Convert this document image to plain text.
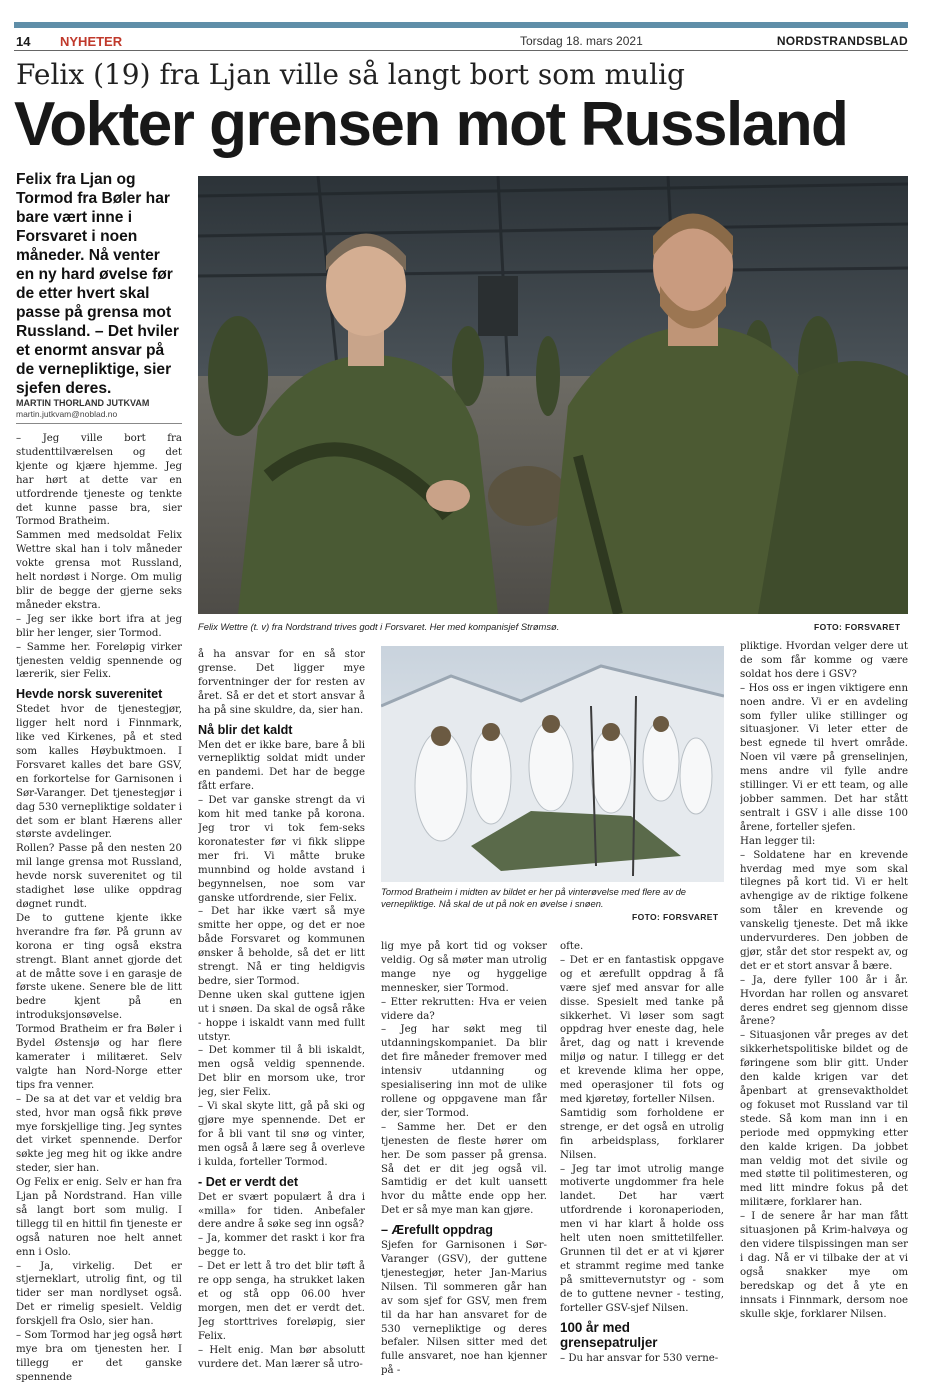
14 NYHETER	Torsdag 18. mars 2021	NORDSTRANDSBLAD
Felix (19) fra Ljan ville så langt bort som mulig
Vokter grensen mot Russland
Felix fra Ljan og Tormod fra Bøler har bare vært inne i Forsvaret i noen måneder. Nå venter en ny hard øvelse før de etter hvert skal passe på grensa mot Russland. – Det hviler et enormt ansvar på de vernepliktige, sier sjefen deres.
MARTIN THORLAND JUTKVAM
martin.jutkvam@noblad.no
Felix Wettre (t. v) fra Nordstrand trives godt i Forsvaret. Her med kompanisjef Strømsø.	FOTO: FORSVARET
Tormod Bratheim i midten av bildet er her på vinterøvelse med flere av de vernepliktige. Nå skal de ut på nok en øvelse i snøen.
FOTO: FORSVARET

– Jeg ville bort fra studenttilværelsen og det kjente og kjære hjemme. Jeg har hørt at dette var en utfordrende tjeneste og tenkte det kunne passe bra, sier Tormod Bratheim.

Sammen med medsoldat Felix Wettre skal han i tolv måneder vokte grensa mot Russland, helt nordøst i Norge. Om mulig blir de begge der gjerne seks måneder ekstra.

– Jeg ser ikke bort ifra at jeg blir her lenger, sier Tormod.

– Samme her. Foreløpig virker tjenesten veldig spennende og lærerik, sier Felix.

Hevde norsk suverenitet

Stedet hvor de tjenestegjør, ligger helt nord i Finnmark, like ved Kirkenes, på et sted som kalles Høybuktmoen. I Forsvaret kalles det bare GSV, en forkortelse for Garnisonen i Sør-Varanger. Det tjenestegjør i dag 530 vernepliktige soldater i det som er blant Hærens aller største avdelinger.

Rollen? Passe på den nesten 20 mil lange grensa mot Russland, hevde norsk suverenitet og til stadighet løse ulike oppdrag døgnet rundt.

De to guttene kjente ikke hverandre fra før. På grunn av korona er ting også ekstra strengt. Blant annet gjorde det at de måtte sove i en garasje de første ukene. Senere ble de litt bedre kjent på en introduksjonsøvelse.

Tormod Bratheim er fra Bøler i Bydel Østensjø og har flere kamerater i militæret. Selv valgte han Nord-Norge etter tips fra venner.

– De sa at det var et veldig bra sted, hvor man også fikk prøve mye forskjellige ting. Jeg syntes det virket spennende. Derfor søkte jeg meg hit og ikke andre steder, sier han.

Og Felix er enig. Selv er han fra Ljan på Nordstrand. Han ville så langt bort som mulig. I tillegg til en hittil fin tjeneste er også naturen noe helt annet enn i Oslo.

– Ja, virkelig. Det er stjerneklart, utrolig fint, og til tider ser man nordlyset også. Det er rimelig spesielt. Veldig forskjell fra Oslo, sier han.

– Som Tormod har jeg også hørt mye bra om tjenesten her. I tillegg er det ganske spennende

å ha ansvar for en så stor grense. Det ligger mye forventninger der for resten av året. Så er det et stort ansvar å ha på sine skuldre, da, sier han.

Nå blir det kaldt

Men det er ikke bare, bare å bli vernepliktig soldat midt under en pandemi. Det har de begge fått erfare.

– Det var ganske strengt da vi kom hit med tanke på korona. Jeg tror vi tok fem-seks koronatester før vi fikk slippe mer fri. Vi måtte bruke munnbind og holde avstand i begynnelsen, noe som var ganske utfordrende, sier Felix.

– Det har ikke vært så mye smitte her oppe, og det er noe både Forsvaret og kommunen ønsker å beholde, så det er litt strengt. Nå er ting heldigvis bedre, sier Tormod.

Denne uken skal guttene igjen ut i snøen. Da skal de også råke - hoppe i iskaldt vann med fullt utstyr.

– Det kommer til å bli iskaldt, men også veldig spennende. Det blir en morsom uke, tror jeg, sier Felix.

– Vi skal skyte litt, gå på ski og gjøre mye spennende. Det er for å bli vant til snø og vinter, men også å lære seg å overleve i kulda, forteller Tormod.

- Det er verdt det

Det er svært populært å dra i «milla» for tiden. Anbefaler dere andre å søke seg inn også?

– Ja, kommer det raskt i kor fra begge to.

– Det er lett å tro det blir tøft å re opp senga, ha strukket laken et og stå opp 06.00 hver morgen, men det er verdt det. Jeg storttrives foreløpig, sier Felix.

– Helt enig. Man bør absolutt vurdere det. Man lærer så utro-

lig mye på kort tid og vokser veldig. Og så møter man utrolig mange nye og hyggelige mennesker, sier Tormod.

– Etter rekrutten: Hva er veien videre da?

– Jeg har søkt meg til utdanningskompaniet. Da blir det fire måneder fremover med intensiv utdanning og spesialisering inn mot de ulike rollene og oppgavene man får der, sier Tormod.

– Samme her. Det er den tjenesten de fleste hører om her. De som passer på grensa. Så det er dit jeg også vil. Samtidig er det kult uansett hvor du måtte ende opp her. Det er så mye man kan gjøre.

– Ærefullt oppdrag

Sjefen for Garnisonen i Sør-Varanger (GSV), der guttene tjenestegjør, heter Jan-Marius Nilsen. Til sommeren går han av som sjef for GSV, men frem til da har han ansvaret for de 530 vernepliktige og deres befaler. Nilsen sitter med det fulle ansvaret, noe han kjenner på -

ofte.

– Det er en fantastisk oppgave og et ærefullt oppdrag å få være sjef med ansvar for alle disse. Spesielt med tanke på sikkerhet. Vi løser som sagt oppdrag hver eneste dag, hele året, dag og natt i krevende miljø og natur. I tillegg er det et krevende klima her oppe, med operasjoner til fots og med kjøretøy, forteller Nilsen.

Samtidig som forholdene er strenge, er det også en utrolig fin arbeidsplass, forklarer Nilsen.

– Jeg tar imot utrolig mange motiverte ungdommer fra hele landet. Det har vært utfordrende i koronaperioden, men vi har klart å holde oss helt uten noen smittetilfeller. Grunnen til det er at vi kjører et strammt regime med tanke på smittevernutstyr og - som de to guttene nevner - testing, forteller GSV-sjef Nilsen.

100 år med grensepatruljer

– Du har ansvar for 530 verne-

pliktige. Hvordan velger dere ut de som får komme og være soldat hos dere i GSV?

– Hos oss er ingen viktigere enn noen andre. Vi er en avdeling som fyller ulike stillinger og situasjoner. Vi leter etter de best egnede til hvert område. Noen vil være på grenselinjen, mens andre vil fylle andre stillinger. Vi er ett team, og alle jobber sammen. Det har stått sentralt i GSV i alle disse 100 årene, forteller sjefen.

Han legger til:

– Soldatene har en krevende hverdag med mye som skal tilegnes på kort tid. Vi er helt avhengige av de riktige folkene som tåler en krevende og vanskelig tjeneste. Det må ikke undervurderes. Den jobben de gjør, står det stor respekt av, og det er et stort ansvar å bære.

– Ja, dere fyller 100 år i år. Hvordan har rollen og ansvaret deres endret seg gjennom disse årene?

– Situasjonen vår preges av det sikkerhetspolitiske bildet og de føringene som blir gitt. Under den kalde krigen var det åpenbart at grensevaktholdet og fokuset mot Russland var til stede. Så kom man inn i en periode med oppmyking etter den kalde krigen. Da jobbet man veldig mot det sivile og med støtte til politimesteren, og med litt mindre fokus på det militære, forklarer han.

– I de senere år har man fått situasjonen på Krim-halvøya og den videre tilspissingen man ser i dag. Nå er vi tilbake der at vi også snakker mye om beredskap og det å yte en innsats i Finnmark, dersom noe skulle skje, forklarer Nilsen.
